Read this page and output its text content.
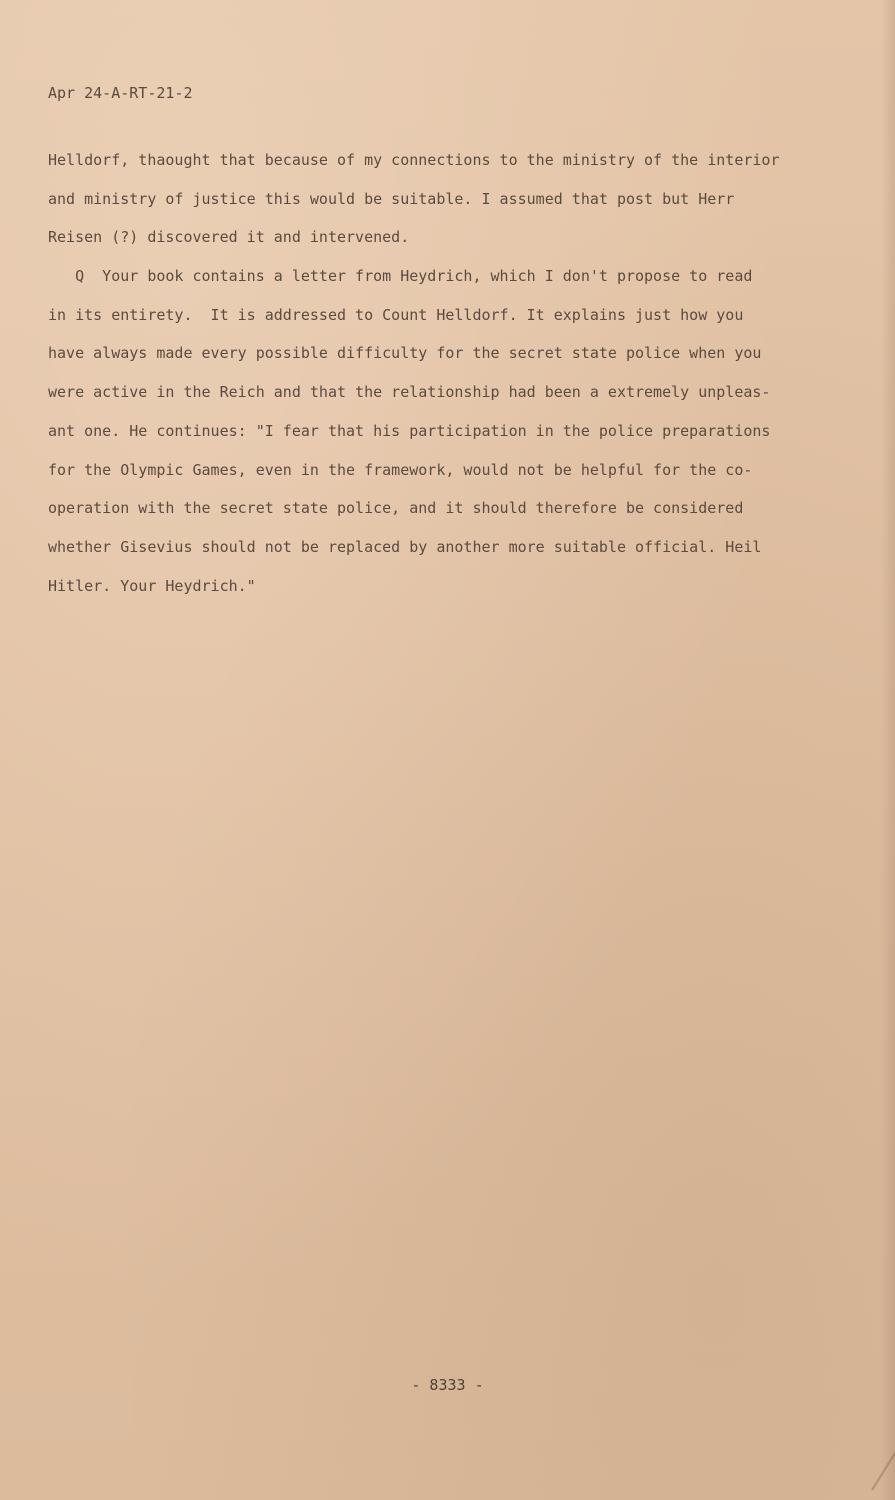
Apr 24-A-RT-21-2
Helldorf, thaought that because of my connections to the ministry of the interior
and ministry of justice this would be suitable. I assumed that post but Herr
Reisen (?) discovered it and intervened.
Q  Your book contains a letter from Heydrich, which I don't propose to read
in its entirety.  It is addressed to Count Helldorf. It explains just how you
have always made every possible difficulty for the secret state police when you
were active in the Reich and that the relationship had been a extremely unpleas-
ant one. He continues: "I fear that his participation in the police preparations
for the Olympic Games, even in the framework, would not be helpful for the co-
operation with the secret state police, and it should therefore be considered
whether Gisevius should not be replaced by another more suitable official. Heil
Hitler. Your Heydrich."
- 8333 -
